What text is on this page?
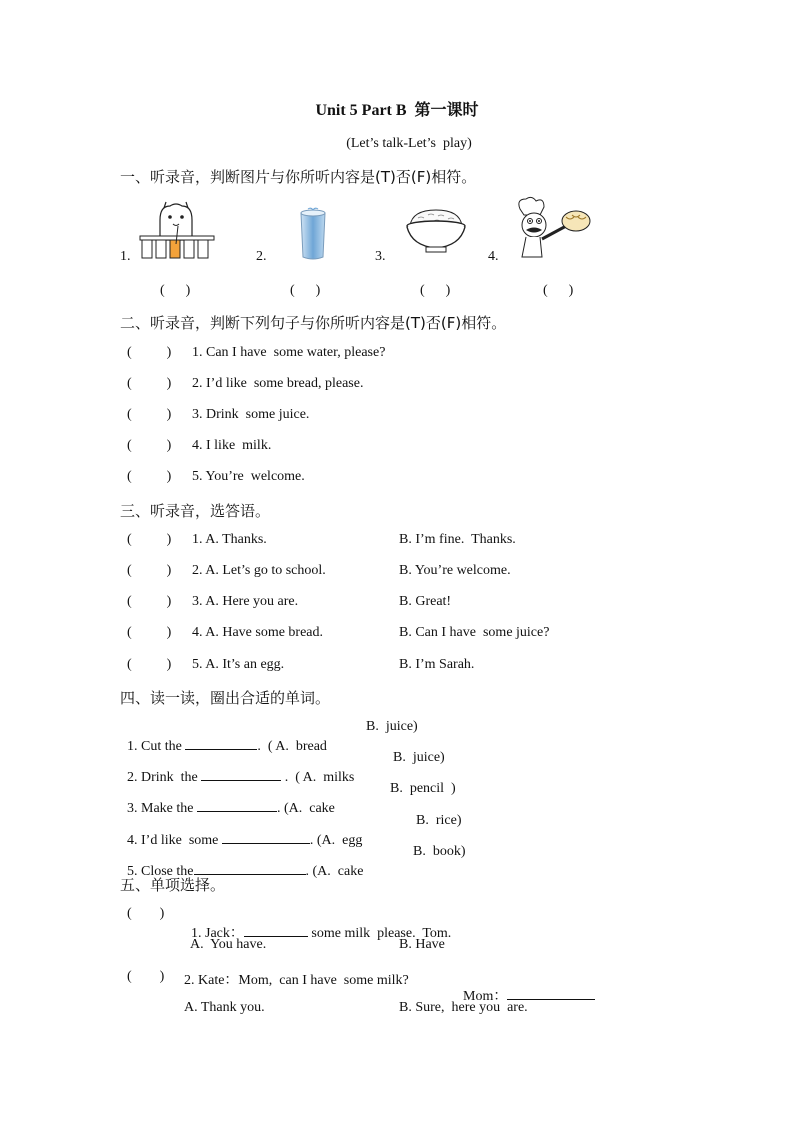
Unit 5 Part B  第一课时
(Let’s talk-Let’s  play)
一、听录音，判断图片与你所听内容是(T)否(F)相符。
1.	2.	3.	4.
(      )	(      )	(      )	(      )
二、听录音，判断下列句子与你所听内容是(T)否(F)相符。
(          ) 1. Can I have  some water, please?
(          ) 2. I’d like  some bread, please.
(          ) 3. Drink  some juice.
(          ) 4. I like  milk.
(          ) 5. You’re  welcome.
三、听录音，选答语。
(          ) 1. A. Thanks.	B. I’m fine.  Thanks.
(          ) 2. A. Let’s go to school.	B. You’re welcome.
(          ) 3. A. Here you are.	B. Great!
(          ) 4. A. Have some bread.	B. Can I have  some juice?
(          ) 5. A. It’s an egg.	B. I’m Sarah.
四、读一读，圈出合适的单词。

1. Cut the	.  ( A.  bread

B.  juice)

2. Drink  the	.  ( A.  milks

B.  juice)

3. Make the	. (A.  cake

B.  pencil  )

4. I’d like  some	. (A.  egg

B.  rice)

5. Close the	. (A.  cake

B.  book)
五、单项选择。
(        )

1. Jack：	some milk  please.  Tom.

A.  You have.	B. Have
(        ) 2. Kate：Mom,  can I have  some milk?

Mom：

A. Thank you.	B. Sure,  here you  are.
